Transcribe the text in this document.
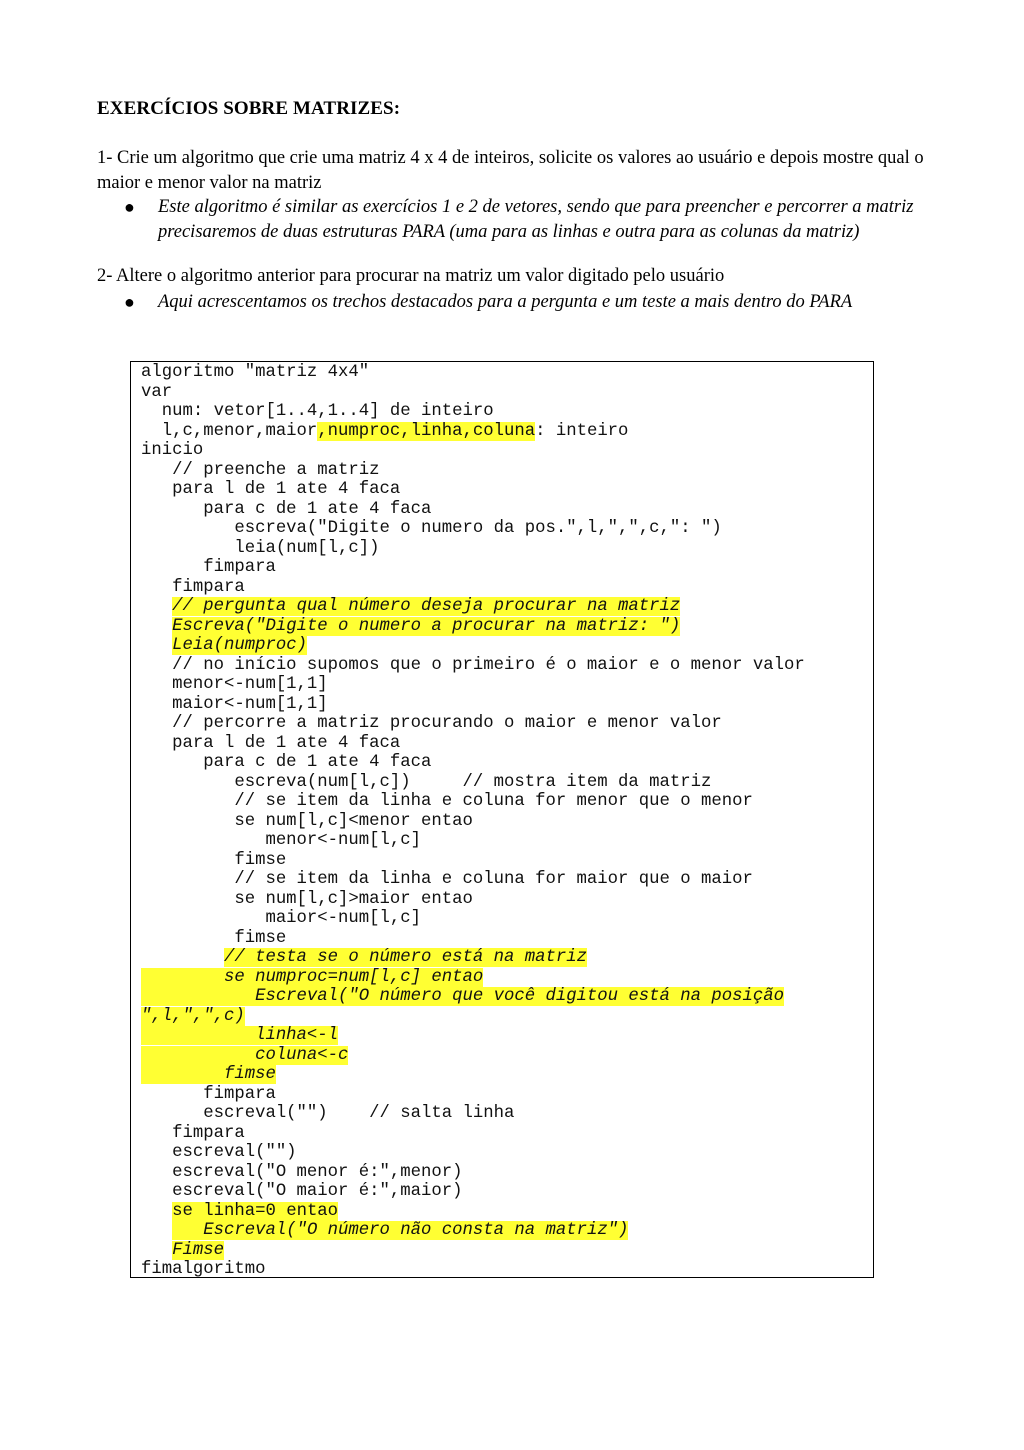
EXERCÍCIOS SOBRE MATRIZES:
1- Crie um algoritmo que crie uma matriz 4 x 4 de inteiros, solicite os valores ao usuário e depois mostre qual o maior e menor valor na matriz
● Este algoritmo é similar as exercícios 1 e 2 de vetores, sendo que para preencher e percorrer a matriz precisaremos de duas estruturas PARA (uma para as linhas e outra para as colunas da matriz)
2- Altere o algoritmo anterior para procurar na matriz um valor digitado pelo usuário
● Aqui acrescentamos os trechos destacados para a pergunta e um teste a mais dentro do PARA
algoritmo "matriz 4x4"
var
num: vetor[1..4,1..4] de inteiro
l,c,menor,maior,numproc,linha,coluna: inteiro
inicio
// preenche a matriz
para l de 1 ate 4 faca
para c de 1 ate 4 faca
escreva("Digite o numero da pos.",l,",",c,": ")
leia(num[l,c])
fimpara
fimpara
// pergunta qual número deseja procurar na matriz
Escreva("Digite o numero a procurar na matriz: ")
Leia(numproc)
// no início supomos que o primeiro é o maior e o menor valor
menor<-num[1,1]
maior<-num[1,1]
// percorre a matriz procurando o maior e menor valor
para l de 1 ate 4 faca
para c de 1 ate 4 faca
escreva(num[l,c])     // mostra item da matriz
// se item da linha e coluna for menor que o menor
se num[l,c]<menor entao
menor<-num[l,c]
fimse
// se item da linha e coluna for maior que o maior
se num[l,c]>maior entao
maior<-num[l,c]
fimse
// testa se o número está na matriz
se numproc=num[l,c] entao
Escreval("O número que você digitou está na posição
",l,",",c)
linha<-l
coluna<-c
fimse
fimpara
escreval("")    // salta linha
fimpara
escreval("")
escreval("O menor é:",menor)
escreval("O maior é:",maior)
se linha=0 entao
Escreval("O número não consta na matriz")
Fimse
fimalgoritmo
